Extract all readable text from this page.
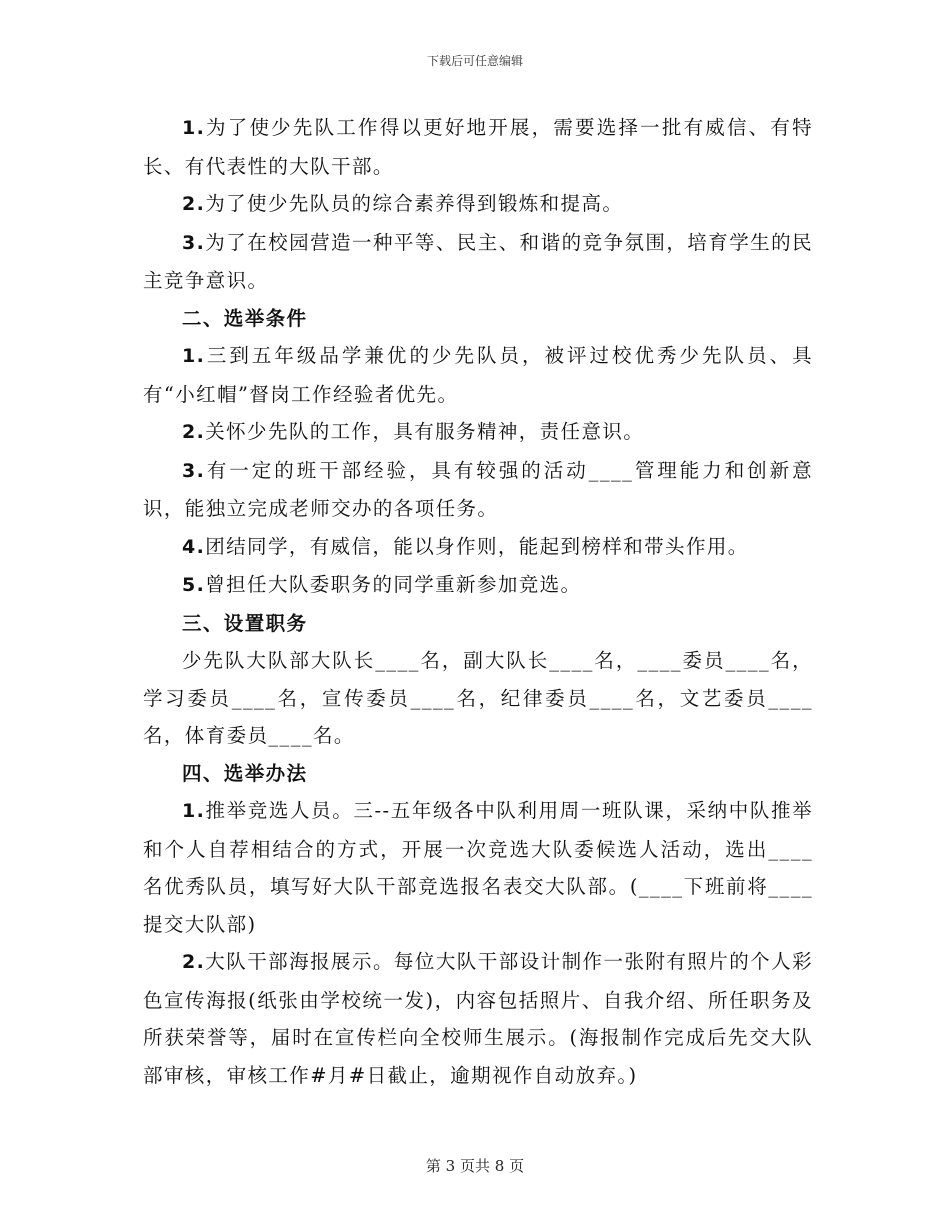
下载后可任意编辑

1.为了使少先队工作得以更好地开展，需要选择一批有威信、有特长、有代表性的大队干部。

2.为了使少先队员的综合素养得到锻炼和提高。

3.为了在校园营造一种平等、民主、和谐的竞争氛围，培育学生的民主竞争意识。

二、选举条件

1.三到五年级品学兼优的少先队员，被评过校优秀少先队员、具有“小红帽”督岗工作经验者优先。

2.关怀少先队的工作，具有服务精神，责任意识。

3.有一定的班干部经验，具有较强的活动____管理能力和创新意识，能独立完成老师交办的各项任务。

4.团结同学，有威信，能以身作则，能起到榜样和带头作用。

5.曾担任大队委职务的同学重新参加竞选。

三、设置职务

少先队大队部大队长____名，副大队长____名，____委员____名，学习委员____名，宣传委员____名，纪律委员____名，文艺委员____名，体育委员____名。

四、选举办法

1.推举竞选人员。三--五年级各中队利用周一班队课，采纳中队推举和个人自荐相结合的方式，开展一次竞选大队委候选人活动，选出____名优秀队员，填写好大队干部竞选报名表交大队部。(____下班前将____提交大队部)

2.大队干部海报展示。每位大队干部设计制作一张附有照片的个人彩色宣传海报(纸张由学校统一发)，内容包括照片、自我介绍、所任职务及所获荣誉等，届时在宣传栏向全校师生展示。(海报制作完成后先交大队部审核，审核工作#月#日截止，逾期视作自动放弃。)

第 3 页共 8 页
